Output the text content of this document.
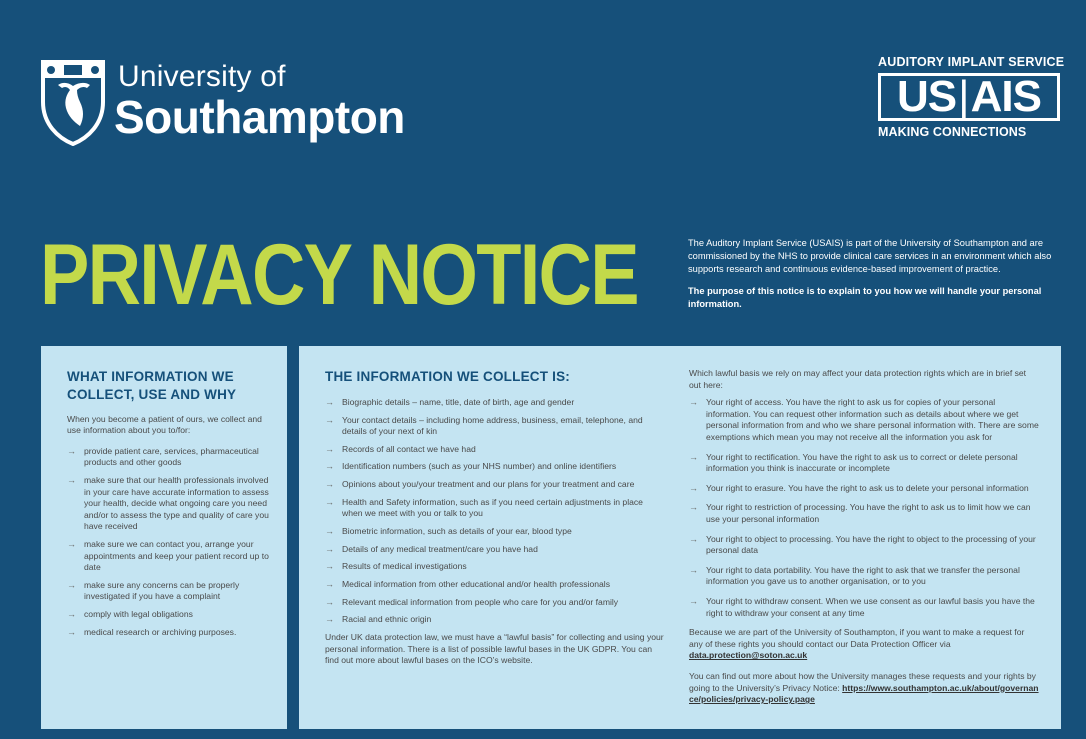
University of
Southampton
AUDITORY IMPLANT SERVICE
US | AIS
MAKING CONNECTIONS
PRIVACY NOTICE	The Auditory Implant Service (USAIS) is part of the University of Southampton and are commissioned by the NHS to provide clinical care services in an environment which also supports research and continuous evidence-based improvement of practice.

The purpose of this notice is to explain to you how we will handle your personal information.

WHAT INFORMATION WE COLLECT, USE AND WHY
When you become a patient of ours, we collect and use information about you to/for:
→ provide patient care, services, pharmaceutical products and other goods
→ make sure that our health professionals involved in your care have accurate information to assess your health, decide what ongoing care you need and/or to assess the type and quality of care you have received
→ make sure we can contact you, arrange your appointments and keep your patient record up to date
→ make sure any concerns can be properly investigated if you have a complaint
→ comply with legal obligations
→ medical research or archiving purposes.
THE INFORMATION WE COLLECT IS:
→ Biographic details – name, title, date of birth, age and gender
→ Your contact details – including home address, business, email, telephone, and details of your next of kin
→ Records of all contact we have had
→ Identification numbers (such as your NHS number) and online identifiers
→ Opinions about you/your treatment and our plans for your treatment and care
→ Health and Safety information, such as if you need certain adjustments in place when we meet with you or talk to you
→ Biometric information, such as details of your ear, blood type
→ Details of any medical treatment/care you have had
→ Results of medical investigations
→ Medical information from other educational and/or health professionals
→ Relevant medical information from people who care for you and/or family
→ Racial and ethnic origin
Under UK data protection law, we must have a “lawful basis” for collecting and using your personal information. There is a list of possible lawful bases in the UK GDPR. You can find out more about lawful bases on the ICO’s website.
Which lawful basis we rely on may affect your data protection rights which are in brief set out here:
→ Your right of access. You have the right to ask us for copies of your personal information. You can request other information such as details about where we get personal information from and who we share personal information with. There are some exemptions which mean you may not receive all the information you ask for
→ Your right to rectification. You have the right to ask us to correct or delete personal information you think is inaccurate or incomplete
→ Your right to erasure. You have the right to ask us to delete your personal information
→ Your right to restriction of processing. You have the right to ask us to limit how we can use your personal information
→ Your right to object to processing. You have the right to object to the processing of your personal data
→ Your right to data portability. You have the right to ask that we transfer the personal information you gave us to another organisation, or to you
→ Your right to withdraw consent. When we use consent as our lawful basis you have the right to withdraw your consent at any time
Because we are part of the University of Southampton, if you want to make a request for any of these rights you should contact our Data Protection Officer via data.protection@soton.ac.uk
You can find out more about how the University manages these requests and your rights by going to the University’s Privacy Notice: https://www.southampton.ac.uk/about/governance/policies/privacy-policy.page
